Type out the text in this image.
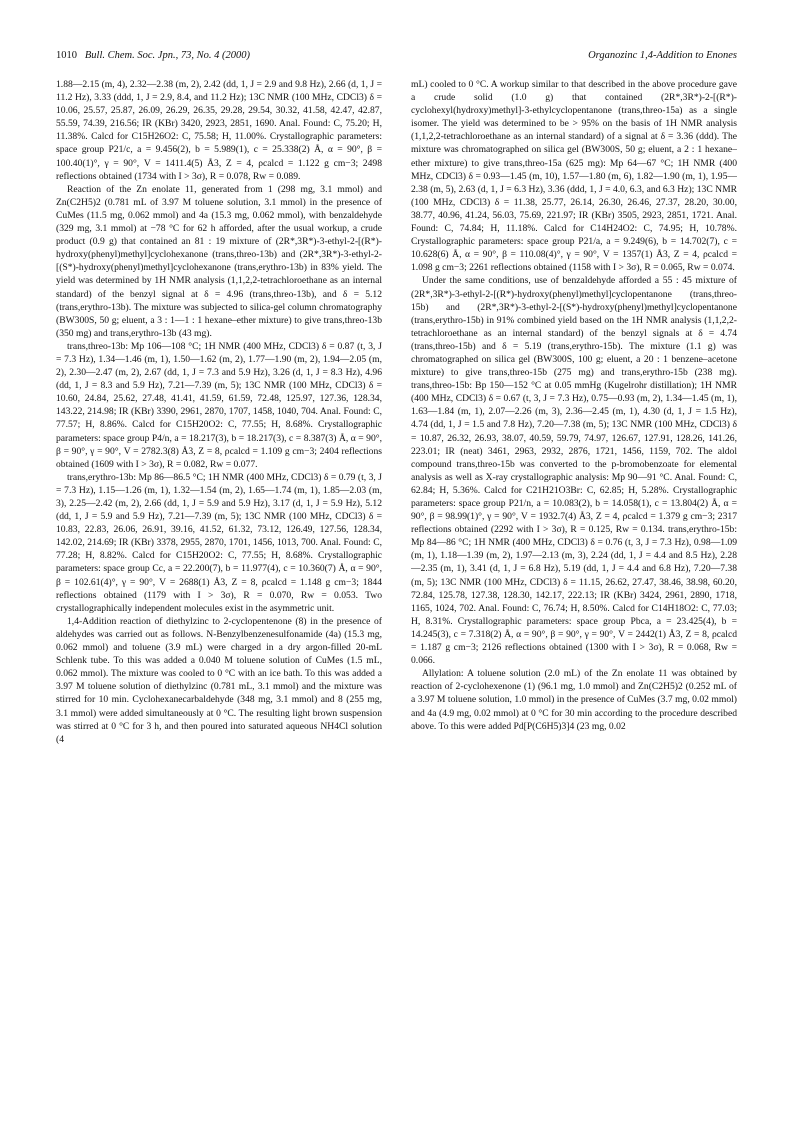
1010 Bull. Chem. Soc. Jpn., 73, No. 4 (2000)	Organozinc 1,4-Addition to Enones

1.88—2.15 (m, 4), 2.32—2.38 (m, 2), 2.42 (dd, 1, J = 2.9 and 9.8 Hz), 2.66 (d, 1, J = 11.2 Hz), 3.33 (ddd, 1, J = 2.9, 8.4, and 11.2 Hz); 13C NMR (100 MHz, CDCl3) δ = 10.06, 25.57, 25.87, 26.09, 26.29, 26.35, 29.28, 29.54, 30.32, 41.58, 42.47, 42.87, 55.59, 74.39, 216.56; IR (KBr) 3420, 2923, 2851, 1690. Anal. Found: C, 75.20; H, 11.38%. Calcd for C15H26O2: C, 75.58; H, 11.00%. Crystallographic parameters: space group P21/c, a = 9.456(2), b = 5.989(1), c = 25.338(2) Å, α = 90°, β = 100.40(1)°, γ = 90°, V = 1411.4(5) Å3, Z = 4, ρcalcd = 1.122 g cm−3; 2498 reflections obtained (1734 with I > 3σ), R = 0.078, Rw = 0.089.

Reaction of the Zn enolate 11, generated from 1 (298 mg, 3.1 mmol) and Zn(C2H5)2 (0.781 mL of 3.97 M toluene solution, 3.1 mmol) in the presence of CuMes (11.5 mg, 0.062 mmol) and 4a (15.3 mg, 0.062 mmol), with benzaldehyde (329 mg, 3.1 mmol) at −78 °C for 62 h afforded, after the usual workup, a crude product (0.9 g) that contained an 81 : 19 mixture of (2R*,3R*)-3-ethyl-2-[(R*)-hydroxy(phenyl)methyl]cyclohexanone (trans,threo-13b) and (2R*,3R*)-3-ethyl-2-[(S*)-hydroxy(phenyl)methyl]cyclohexanone (trans,erythro-13b) in 83% yield. The yield was determined by 1H NMR analysis (1,1,2,2-tetrachloroethane as an internal standard) of the benzyl signal at δ = 4.96 (trans,threo-13b), and δ = 5.12 (trans,erythro-13b). The mixture was subjected to silica-gel column chromatography (BW300S, 50 g; eluent, a 3 : 1—1 : 1 hexane–ether mixture) to give trans,threo-13b (350 mg) and trans,erythro-13b (43 mg).

trans,threo-13b: Mp 106—108 °C; 1H NMR (400 MHz, CDCl3) δ = 0.87 (t, 3, J = 7.3 Hz), 1.34—1.46 (m, 1), 1.50—1.62 (m, 2), 1.77—1.90 (m, 2), 1.94—2.05 (m, 2), 2.30—2.47 (m, 2), 2.67 (dd, 1, J = 7.3 and 5.9 Hz), 3.26 (d, 1, J = 8.3 Hz), 4.96 (dd, 1, J = 8.3 and 5.9 Hz), 7.21—7.39 (m, 5); 13C NMR (100 MHz, CDCl3) δ = 10.60, 24.84, 25.62, 27.48, 41.41, 41.59, 61.59, 72.48, 125.97, 127.36, 128.34, 143.22, 214.98; IR (KBr) 3390, 2961, 2870, 1707, 1458, 1040, 704. Anal. Found: C, 77.57; H, 8.86%. Calcd for C15H20O2: C, 77.55; H, 8.68%. Crystallographic parameters: space group P4/n, a = 18.217(3), b = 18.217(3), c = 8.387(3) Å, α = 90°, β = 90°, γ = 90°, V = 2782.3(8) Å3, Z = 8, ρcalcd = 1.109 g cm−3; 2404 reflections obtained (1609 with I > 3σ), R = 0.082, Rw = 0.077.

trans,erythro-13b: Mp 86—86.5 °C; 1H NMR (400 MHz, CDCl3) δ = 0.79 (t, 3, J = 7.3 Hz), 1.15—1.26 (m, 1), 1.32—1.54 (m, 2), 1.65—1.74 (m, 1), 1.85—2.03 (m, 3), 2.25—2.42 (m, 2), 2.66 (dd, 1, J = 5.9 and 5.9 Hz), 3.17 (d, 1, J = 5.9 Hz), 5.12 (dd, 1, J = 5.9 and 5.9 Hz), 7.21—7.39 (m, 5); 13C NMR (100 MHz, CDCl3) δ = 10.83, 22.83, 26.06, 26.91, 39.16, 41.52, 61.32, 73.12, 126.49, 127.56, 128.34, 142.02, 214.69; IR (KBr) 3378, 2955, 2870, 1701, 1456, 1013, 700. Anal. Found: C, 77.28; H, 8.82%. Calcd for C15H20O2: C, 77.55; H, 8.68%. Crystallographic parameters: space group Cc, a = 22.200(7), b = 11.977(4), c = 10.360(7) Å, α = 90°, β = 102.61(4)°, γ = 90°, V = 2688(1) Å3, Z = 8, ρcalcd = 1.148 g cm−3; 1844 reflections obtained (1179 with I > 3σ), R = 0.070, Rw = 0.053. Two crystallographically independent molecules exist in the asymmetric unit.

1,4-Addition reaction of diethylzinc to 2-cyclopentenone (8) in the presence of aldehydes was carried out as follows. N-Benzylbenzenesulfonamide (4a) (15.3 mg, 0.062 mmol) and toluene (3.9 mL) were charged in a dry argon-filled 20-mL Schlenk tube. To this was added a 0.040 M toluene solution of CuMes (1.5 mL, 0.062 mmol). The mixture was cooled to 0 °C with an ice bath. To this was added a 3.97 M toluene solution of diethylzinc (0.781 mL, 3.1 mmol) and the mixture was stirred for 10 min. Cyclohexanecarbaldehyde (348 mg, 3.1 mmol) and 8 (255 mg, 3.1 mmol) were added simultaneously at 0 °C. The resulting light brown suspension was stirred at 0 °C for 3 h, and then poured into saturated aqueous NH4Cl solution (4

mL) cooled to 0 °C. A workup similar to that described in the above procedure gave a crude solid (1.0 g) that contained (2R*,3R*)-2-[(R*)-cyclohexyl(hydroxy)methyl]-3-ethylcyclopentanone (trans,threo-15a) as a single isomer. The yield was determined to be > 95% on the basis of 1H NMR analysis (1,1,2,2-tetrachloroethane as an internal standard) of a signal at δ = 3.36 (ddd). The mixture was chromatographed on silica gel (BW300S, 50 g; eluent, a 2 : 1 hexane–ether mixture) to give trans,threo-15a (625 mg): Mp 64—67 °C; 1H NMR (400 MHz, CDCl3) δ = 0.93—1.45 (m, 10), 1.57—1.80 (m, 6), 1.82—1.90 (m, 1), 1.95—2.38 (m, 5), 2.63 (d, 1, J = 6.3 Hz), 3.36 (ddd, 1, J = 4.0, 6.3, and 6.3 Hz); 13C NMR (100 MHz, CDCl3) δ = 11.38, 25.77, 26.14, 26.30, 26.46, 27.37, 28.20, 30.00, 38.77, 40.96, 41.24, 56.03, 75.69, 221.97; IR (KBr) 3505, 2923, 2851, 1721. Anal. Found: C, 74.84; H, 11.18%. Calcd for C14H24O2: C, 74.95; H, 10.78%. Crystallographic parameters: space group P21/a, a = 9.249(6), b = 14.702(7), c = 10.628(6) Å, α = 90°, β = 110.08(4)°, γ = 90°, V = 1357(1) Å3, Z = 4, ρcalcd = 1.098 g cm−3; 2261 reflections obtained (1158 with I > 3σ), R = 0.065, Rw = 0.074.

Under the same conditions, use of benzaldehyde afforded a 55 : 45 mixture of (2R*,3R*)-3-ethyl-2-[(R*)-hydroxy(phenyl)methyl]cyclopentanone (trans,threo-15b) and (2R*,3R*)-3-ethyl-2-[(S*)-hydroxy(phenyl)methyl]cyclopentanone (trans,erythro-15b) in 91% combined yield based on the 1H NMR analysis (1,1,2,2-tetrachloroethane as an internal standard) of the benzyl signals at δ = 4.74 (trans,threo-15b) and δ = 5.19 (trans,erythro-15b). The mixture (1.1 g) was chromatographed on silica gel (BW300S, 100 g; eluent, a 20 : 1 benzene–acetone mixture) to give trans,threo-15b (275 mg) and trans,erythro-15b (238 mg). trans,threo-15b: Bp 150—152 °C at 0.05 mmHg (Kugelrohr distillation); 1H NMR (400 MHz, CDCl3) δ = 0.67 (t, 3, J = 7.3 Hz), 0.75—0.93 (m, 2), 1.34—1.45 (m, 1), 1.63—1.84 (m, 1), 2.07—2.26 (m, 3), 2.36—2.45 (m, 1), 4.30 (d, 1, J = 1.5 Hz), 4.74 (dd, 1, J = 1.5 and 7.8 Hz), 7.20—7.38 (m, 5); 13C NMR (100 MHz, CDCl3) δ = 10.87, 26.32, 26.93, 38.07, 40.59, 59.79, 74.97, 126.67, 127.91, 128.26, 141.26, 223.01; IR (neat) 3461, 2963, 2932, 2876, 1721, 1456, 1159, 702. The aldol compound trans,threo-15b was converted to the p-bromobenzoate for elemental analysis as well as X-ray crystallographic analysis: Mp 90—91 °C. Anal. Found: C, 62.84; H, 5.36%. Calcd for C21H21O3Br: C, 62.85; H, 5.28%. Crystallographic parameters: space group P21/n, a = 10.083(2), b = 14.058(1), c = 13.804(2) Å, α = 90°, β = 98.99(1)°, γ = 90°, V = 1932.7(4) Å3, Z = 4, ρcalcd = 1.379 g cm−3; 2317 reflections obtained (2292 with I > 3σ), R = 0.125, Rw = 0.134. trans,erythro-15b: Mp 84—86 °C; 1H NMR (400 MHz, CDCl3) δ = 0.76 (t, 3, J = 7.3 Hz), 0.98—1.09 (m, 1), 1.18—1.39 (m, 2), 1.97—2.13 (m, 3), 2.24 (dd, 1, J = 4.4 and 8.5 Hz), 2.28—2.35 (m, 1), 3.41 (d, 1, J = 6.8 Hz), 5.19 (dd, 1, J = 4.4 and 6.8 Hz), 7.20—7.38 (m, 5); 13C NMR (100 MHz, CDCl3) δ = 11.15, 26.62, 27.47, 38.46, 38.98, 60.20, 72.84, 125.78, 127.38, 128.30, 142.17, 222.13; IR (KBr) 3424, 2961, 2890, 1718, 1165, 1024, 702. Anal. Found: C, 76.74; H, 8.50%. Calcd for C14H18O2: C, 77.03; H, 8.31%. Crystallographic parameters: space group Pbca, a = 23.425(4), b = 14.245(3), c = 7.318(2) Å, α = 90°, β = 90°, γ = 90°, V = 2442(1) Å3, Z = 8, ρcalcd = 1.187 g cm−3; 2126 reflections obtained (1300 with I > 3σ), R = 0.068, Rw = 0.066.

Allylation: A toluene solution (2.0 mL) of the Zn enolate 11 was obtained by reaction of 2-cyclohexenone (1) (96.1 mg, 1.0 mmol) and Zn(C2H5)2 (0.252 mL of a 3.97 M toluene solution, 1.0 mmol) in the presence of CuMes (3.7 mg, 0.02 mmol) and 4a (4.9 mg, 0.02 mmol) at 0 °C for 30 min according to the procedure described above. To this were added Pd[P(C6H5)3]4 (23 mg, 0.02
